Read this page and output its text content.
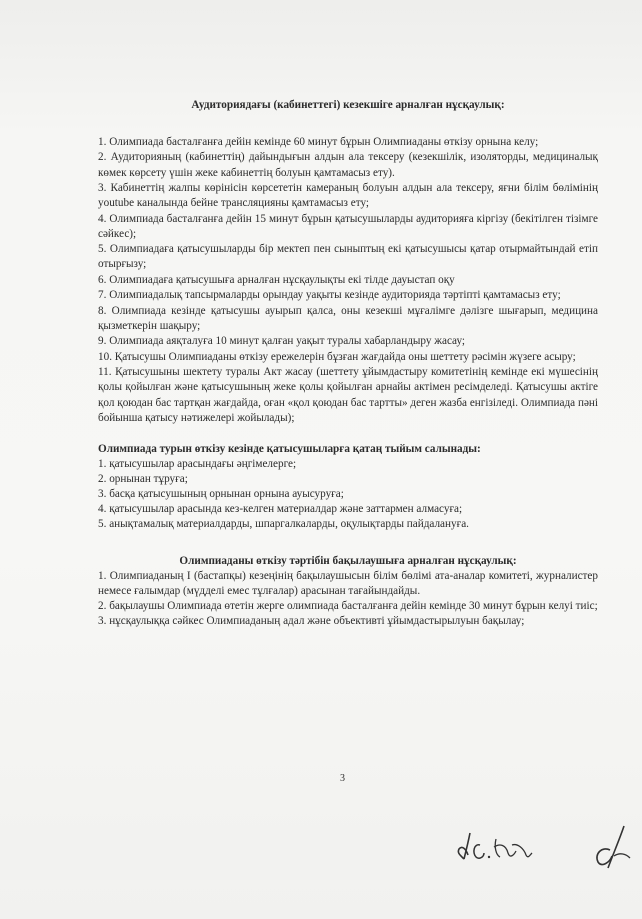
Аудиториядағы (кабинеттегі) кезекшіге арналған нұсқаулық:

1. Олимпиада басталғанға дейін кемінде 60 минут бұрын Олимпиаданы өткізу орнына келу;
2. Аудиторияның (кабинеттің) дайындығын алдын ала тексеру (кезекшілік, изоляторды, медициналық көмек көрсету үшін жеке кабинеттің болуын қамтамасыз ету).
3. Кабинеттің жалпы көрінісін көрсететін камераның болуын алдын ала тексеру, яғни білім бөлімінің youtube каналында бейне трансляцияны қамтамасыз ету;
4. Олимпиада басталғанға дейін 15 минут бұрын қатысушыларды аудиторияға кіргізу (бекітілген тізімге сәйкес);
5. Олимпиадаға қатысушыларды бір мектеп пен сыныптың екі қатысушысы қатар отырмайтындай етіп отырғызу;
6. Олимпиадаға қатысушыға арналған нұсқаулықты екі тілде дауыстап оқу
7. Олимпиадалық тапсырмаларды орындау уақыты кезінде аудиторияда тәртіпті қамтамасыз ету;
8. Олимпиада кезінде қатысушы ауырып қалса, оны кезекші мұғалімге дәлізге шығарып, медицина қызметкерін шақыру;
9. Олимпиада аяқталуға 10 минут қалған уақыт туралы хабарландыру жасау;
10. Қатысушы Олимпиаданы өткізу ережелерін бұзған жағдайда оны шеттету рәсімін жүзеге асыру;
11. Қатысушыны шектету туралы Акт жасау (шеттету ұйымдастыру комитетінің кемінде екі мүшесінің қолы қойылған және қатысушының жеке қолы қойылған арнайы актімен ресімделеді. Қатысушы актіге қол қоюдан бас тартқан жағдайда, оған «қол қоюдан бас тартты» деген жазба енгізіледі. Олимпиада пәні бойынша қатысу нәтижелері жойылады);

Олимпиада турын өткізу кезінде қатысушыларға қатаң тыйым салынады:

1. қатысушылар арасындағы әңгімелерге;
2. орнынан тұруға;
3. басқа қатысушының орнынан орнына ауысуруға;
4. қатысушылар арасында кез-келген материалдар және заттармен алмасуға;
5. анықтамалық материалдарды, шпаргалкаларды, оқулықтарды пайдалануға.

Олимпиаданы өткізу тәртібін бақылаушыға арналған нұсқаулық:

1. Олимпиаданың I (бастапқы) кезеңінің бақылаушысын білім бөлімі ата-аналар комитеті, журналистер немесе ғалымдар (мүдделі емес тұлғалар) арасынан тағайындайды.
2. бақылаушы Олимпиада өтетін жерге олимпиада басталғанға дейін кемінде 30 минут бұрын келуі тиіс;
3. нұсқаулыққа сәйкес Олимпиаданың адал және объективті ұйымдастырылуын бақылау;
3
